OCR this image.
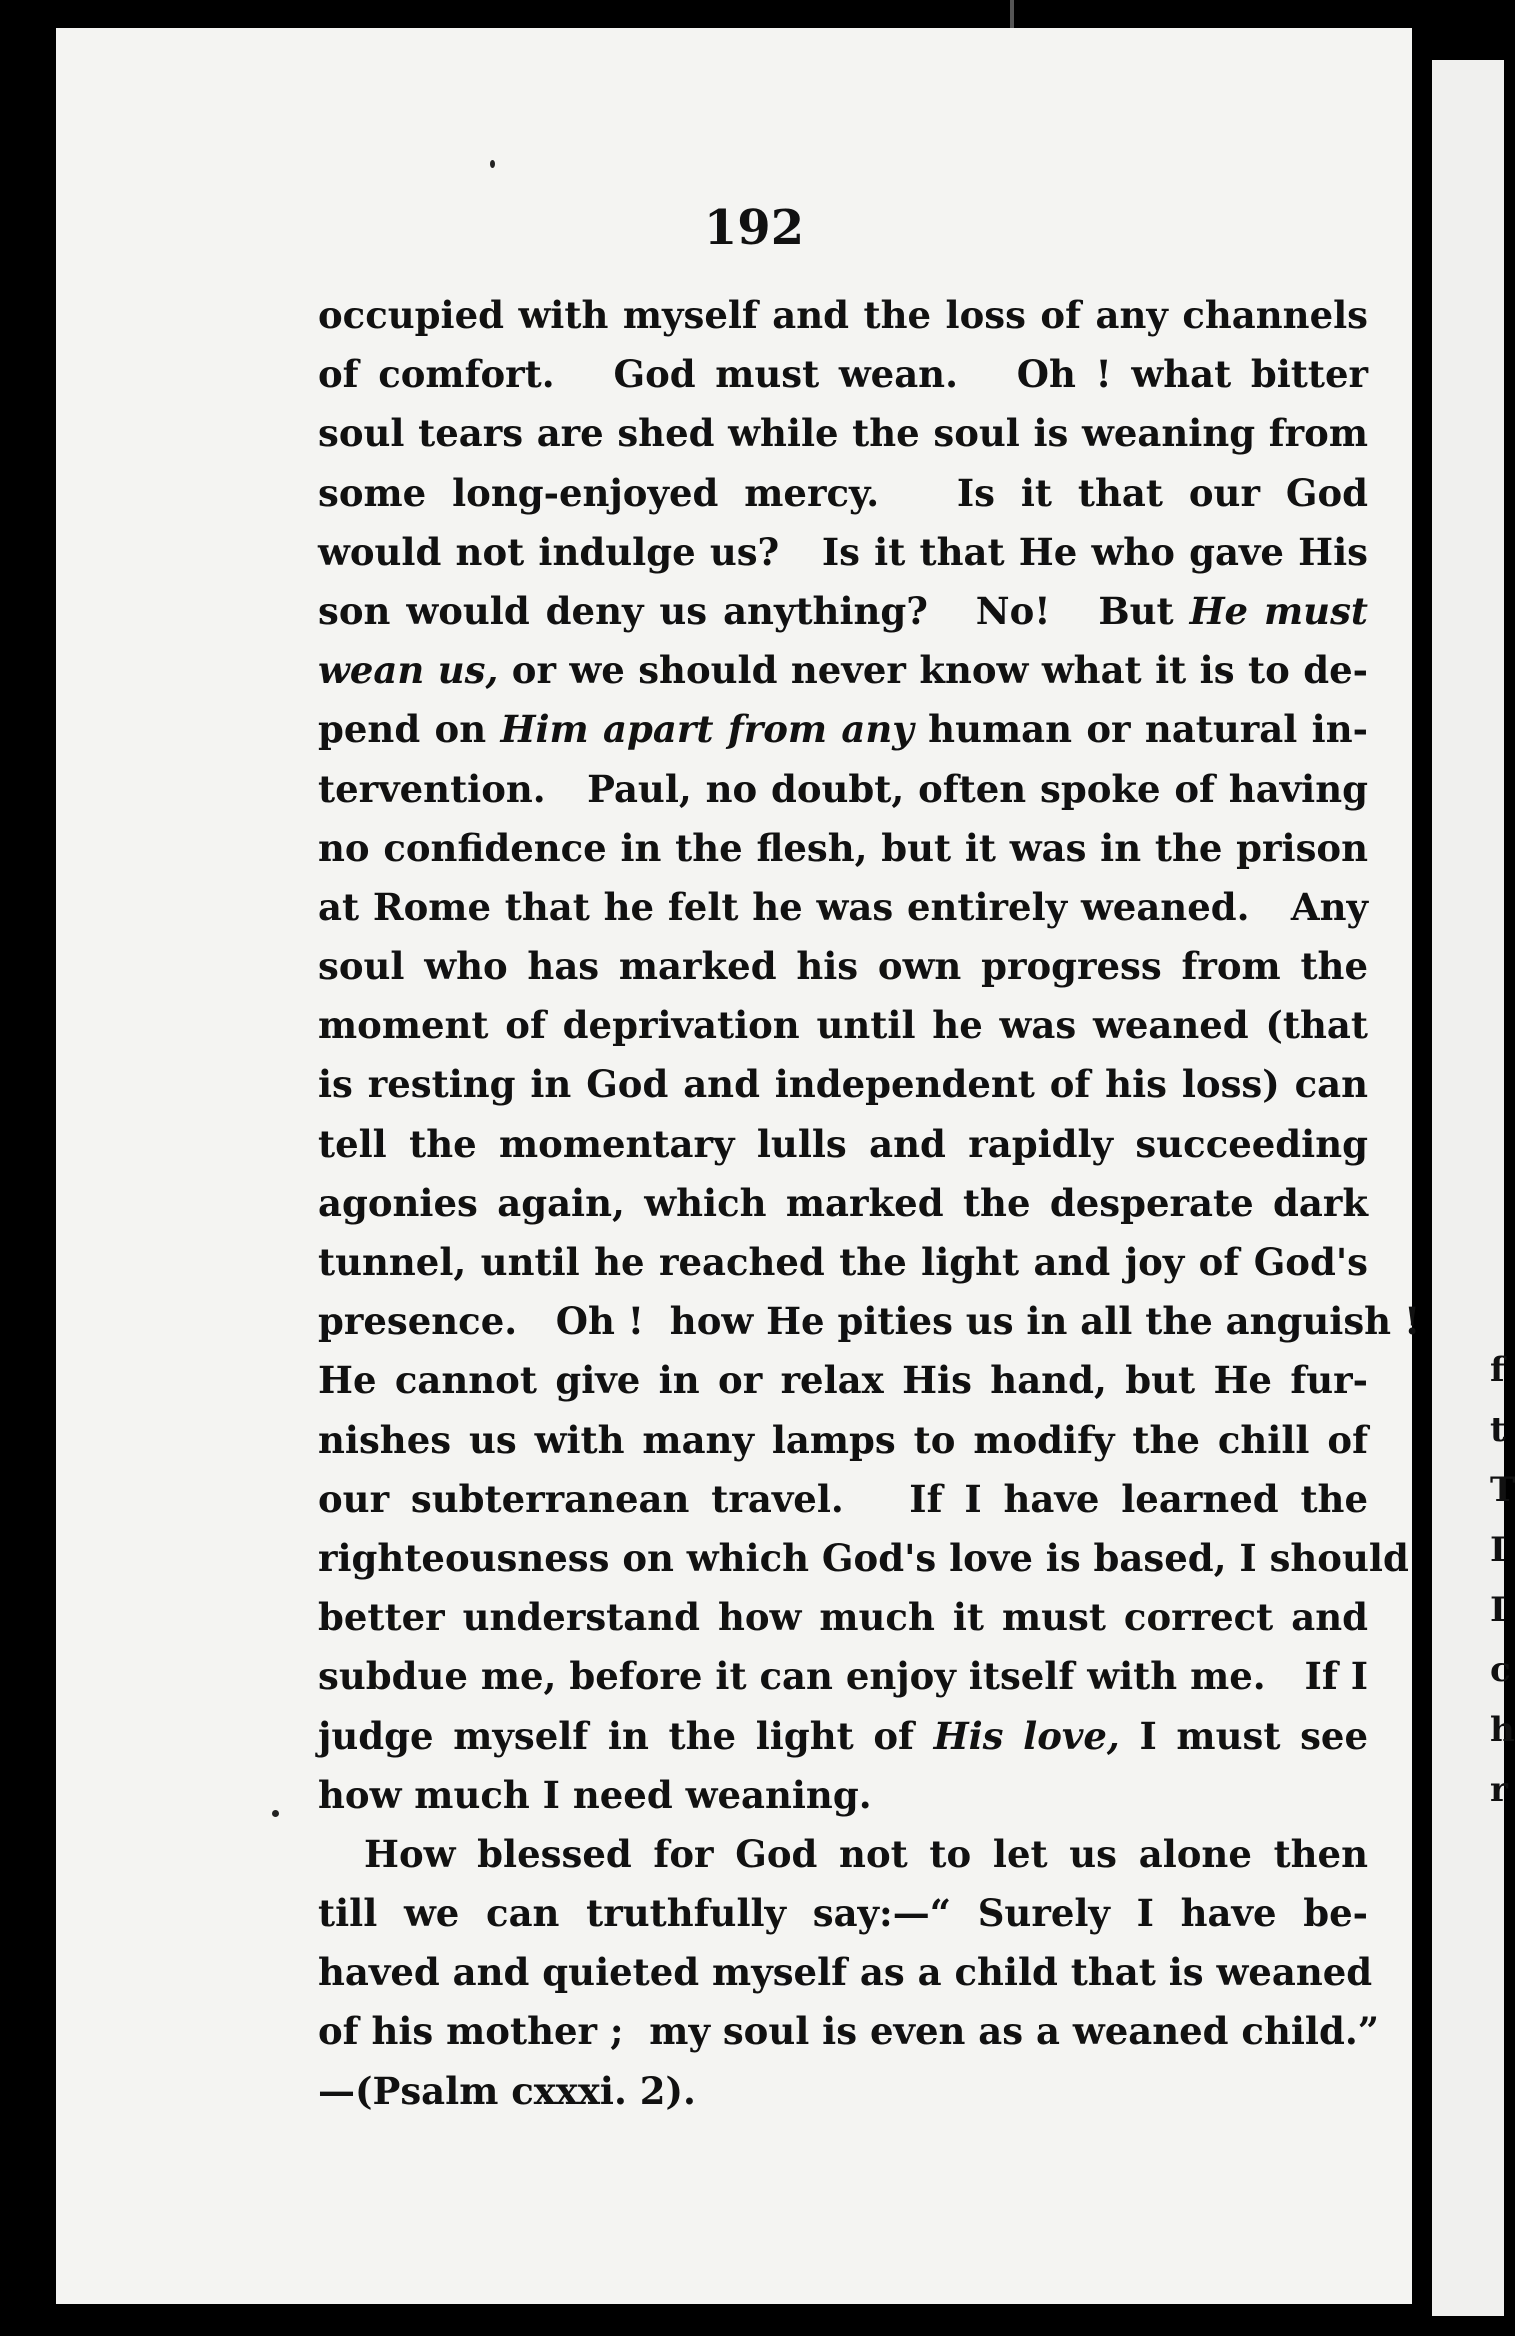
192
occupied with myself and the loss of any channels
of comfort.   God must wean.   Oh ! what bitter
soul tears are shed while the soul is weaning from
some long-enjoyed mercy.   Is it that our God
would not indulge us?   Is it that He who gave His
son would deny us anything?   No!   But He must
wean us, or we should never know what it is to de-
pend on Him apart from any human or natural in-
tervention.   Paul, no doubt, often spoke of having
no confidence in the flesh, but it was in the prison
at Rome that he felt he was entirely weaned.   Any
soul who has marked his own progress from the
moment of deprivation until he was weaned (that
is resting in God and independent of his loss) can
tell the momentary lulls and rapidly succeeding
agonies again, which marked the desperate dark
tunnel, until he reached the light and joy of God's
presence.   Oh !  how He pities us in all the anguish !
He cannot give in or relax His hand, but He fur-
nishes us with many lamps to modify the chill of
our subterranean travel.   If I have learned the
righteousness on which God's love is based, I should
better understand how much it must correct and
subdue me, before it can enjoy itself with me.   If I
judge myself in the light of His love, I must see
how much I need weaning.
How blessed for God not to let us alone then
till we can truthfully say:—“ Surely I have be-
haved and quieted myself as a child that is weaned
of his mother ;  my soul is even as a weaned child.”
—(Psalm cxxxi. 2).
f
t
T
I
I
c
h
r
